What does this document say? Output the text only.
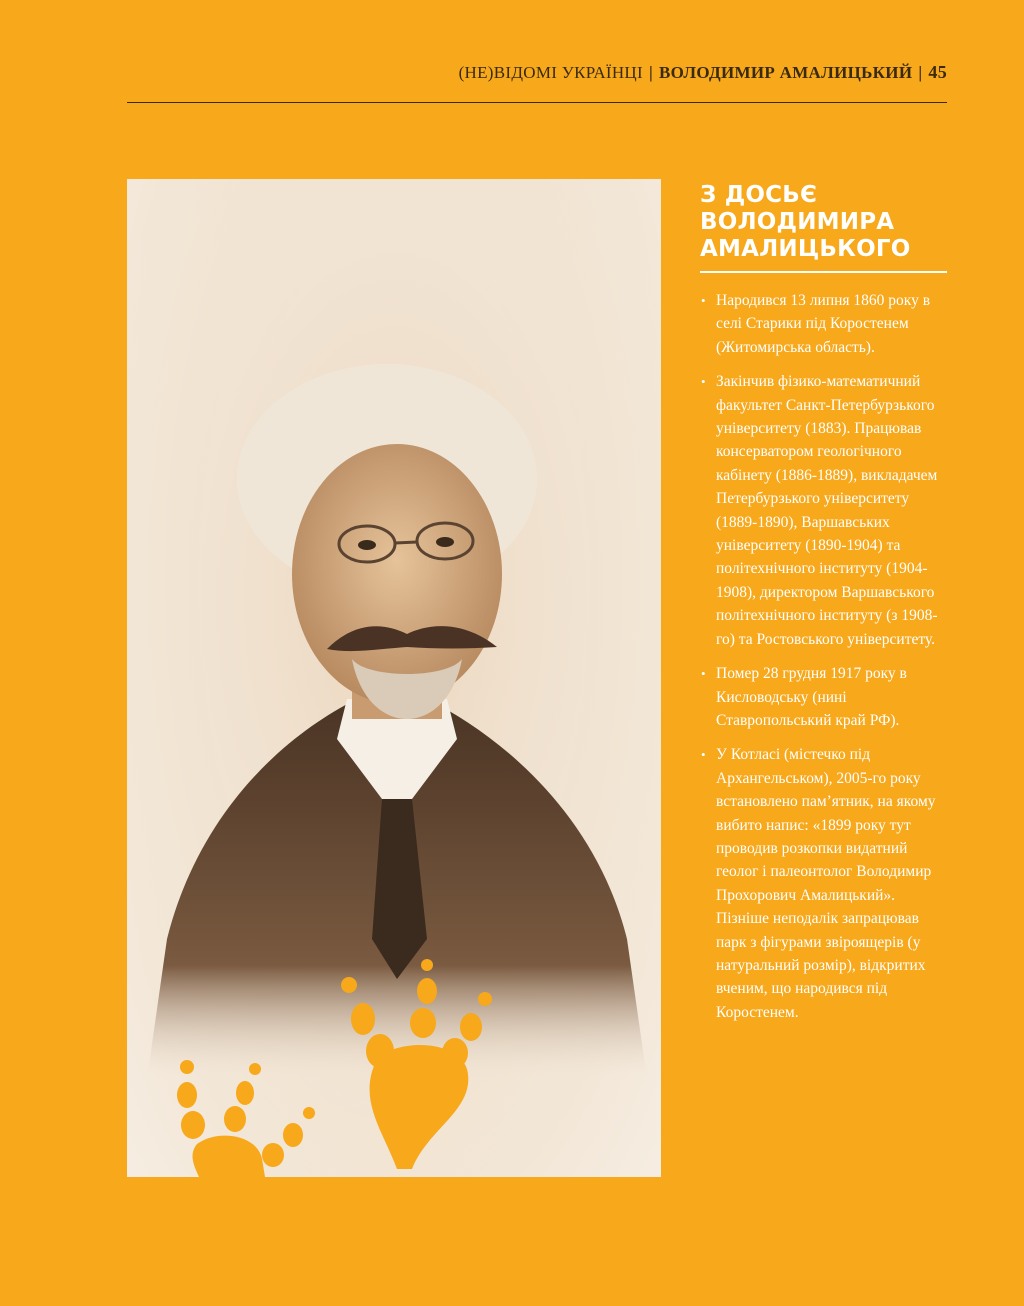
(НЕ)ВІДОМІ УКРАЇНЦІ | ВОЛОДИМИР АМАЛИЦЬКИЙ | 45
З ДОСЬЄ
ВОЛОДИМИРА
АМАЛИЦЬКОГО
• Народився 13 липня 1860 року в селі Старики під Коростенем (Житомирська область).
• Закінчив фізико-математичний факультет Санкт-Петербурзького університету (1883). Працював консерватором геологічного кабінету (1886-1889), викладачем Петербурзького університету (1889-1890), Варшавських університету (1890-1904) та політехнічного інституту (1904-1908), директором Варшавського політехнічного інституту (з 1908-го) та Ростовського університету.
• Помер 28 грудня 1917 року в Кисловодську (нині Ставропольський край РФ).
• У Котласі (містечко під Архангельськом), 2005-го року встановлено пам’ятник, на якому вибито напис: «1899 року тут проводив розкопки видатний геолог і палеонтолог Володимир Прохорович Амалицький». Пізніше неподалік запрацював парк з фігурами звіроящерів (у натуральний розмір), відкритих вченим, що народився під Коростенем.
